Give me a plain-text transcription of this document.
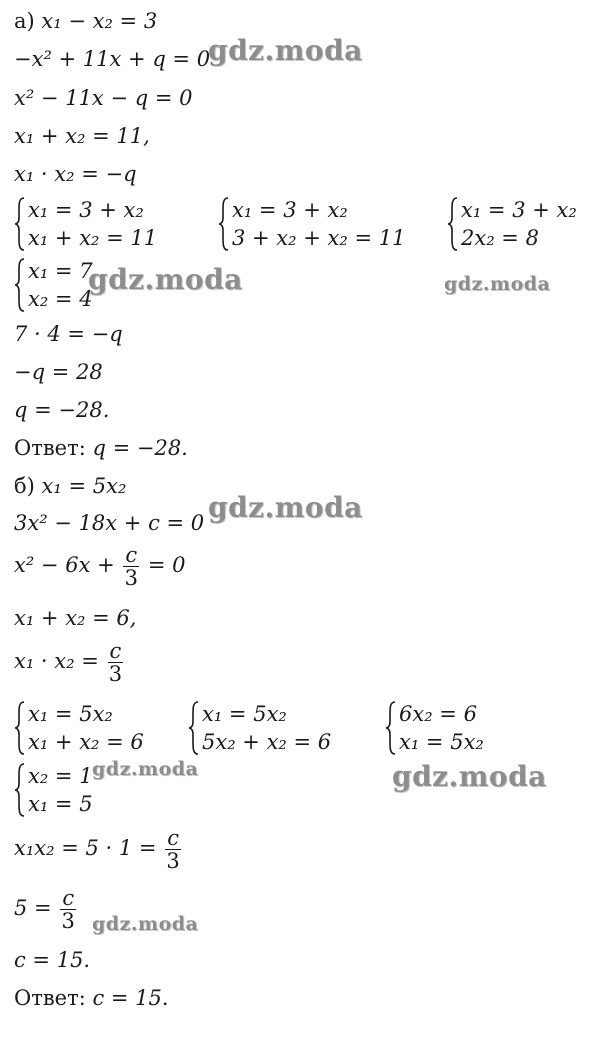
а) x₁ − x₂ = 3
−x² + 11x + q = 0
x² − 11x − q = 0
x₁ + x₂ = 11,
x₁ · x₂ = −q
x₁ = 3 + x₂
x₁ + x₂ = 11
x₁ = 3 + x₂
3 + x₂ + x₂ = 11
x₁ = 3 + x₂
2x₂ = 8
x₁ = 7
x₂ = 4
7 · 4 = −q
−q = 28
q = −28.
Ответ: q = −28.
б) x₁ = 5x₂
3x² − 18x + c = 0
$x^2 - 6x + \frac{c}{3} = 0$
x₁ + x₂ = 6,
$x_1 \cdot x_2 = \frac{c}{3}$
x₁ = 5x₂
x₁ + x₂ = 6
x₁ = 5x₂
5x₂ + x₂ = 6
6x₂ = 6
x₁ = 5x₂
x₂ = 1
x₁ = 5
$x_1x_2 = 5 \cdot 1 = \frac{c}{3}$
$5 = \frac{c}{3}$
c = 15.
Ответ: c = 15.
gdz.moda
gdz.moda	gdz.moda
gdz.moda
gdz.moda	gdz.moda
gdz.moda
